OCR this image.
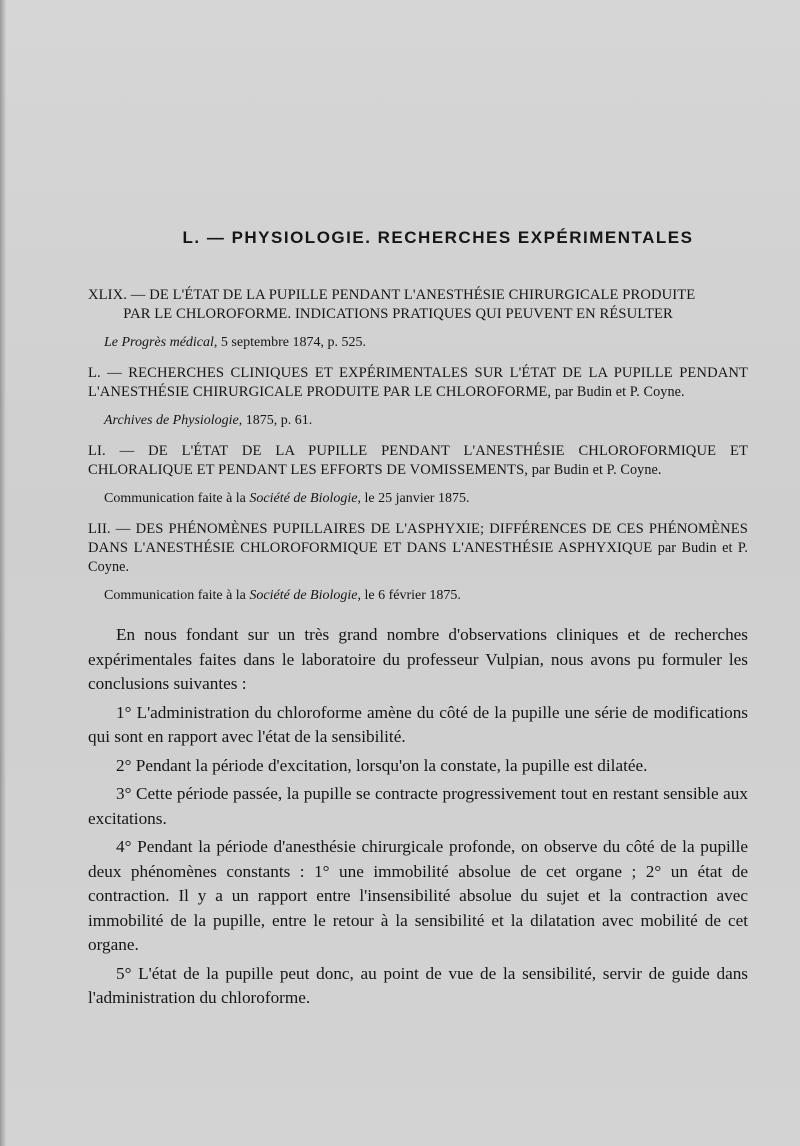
L. — PHYSIOLOGIE. RECHERCHES EXPÉRIMENTALES
XLIX. — DE L'ÉTAT DE LA PUPILLE PENDANT L'ANESTHÉSIE CHIRURGICALE PRODUITE
PAR LE CHLOROFORME. INDICATIONS PRATIQUES QUI PEUVENT EN RÉSULTER
Le Progrès médical, 5 septembre 1874, p. 525.
L. — RECHERCHES CLINIQUES ET EXPÉRIMENTALES SUR L'ÉTAT DE LA PUPILLE PENDANT L'ANESTHÉSIE CHIRURGICALE PRODUITE PAR LE CHLOROFORME, par Budin et P. Coyne.
Archives de Physiologie, 1875, p. 61.
LI. — DE L'ÉTAT DE LA PUPILLE PENDANT L'ANESTHÉSIE CHLOROFORMIQUE ET CHLORALIQUE ET PENDANT LES EFFORTS DE VOMISSEMENTS, par Budin et P. Coyne.
Communication faite à la Société de Biologie, le 25 janvier 1875.
LII. — DES PHÉNOMÈNES PUPILLAIRES DE L'ASPHYXIE; DIFFÉRENCES DE CES PHÉNOMÈNES DANS L'ANESTHÉSIE CHLOROFORMIQUE ET DANS L'ANESTHÉSIE ASPHYXIQUE par Budin et P. Coyne.
Communication faite à la Société de Biologie, le 6 février 1875.

En nous fondant sur un très grand nombre d'observations cliniques et de recherches expérimentales faites dans le laboratoire du professeur Vulpian, nous avons pu formuler les conclusions suivantes :

1° L'administration du chloroforme amène du côté de la pupille une série de modifications qui sont en rapport avec l'état de la sensibilité.

2° Pendant la période d'excitation, lorsqu'on la constate, la pupille est dilatée.

3° Cette période passée, la pupille se contracte progressivement tout en restant sensible aux excitations.

4° Pendant la période d'anesthésie chirurgicale profonde, on observe du côté de la pupille deux phénomènes constants : 1° une immobilité absolue de cet organe ; 2° un état de contraction. Il y a un rapport entre l'insensibilité absolue du sujet et la contraction avec immobilité de la pupille, entre le retour à la sensibilité et la dilatation avec mobilité de cet organe.

5° L'état de la pupille peut donc, au point de vue de la sensibilité, servir de guide dans l'administration du chloroforme.
